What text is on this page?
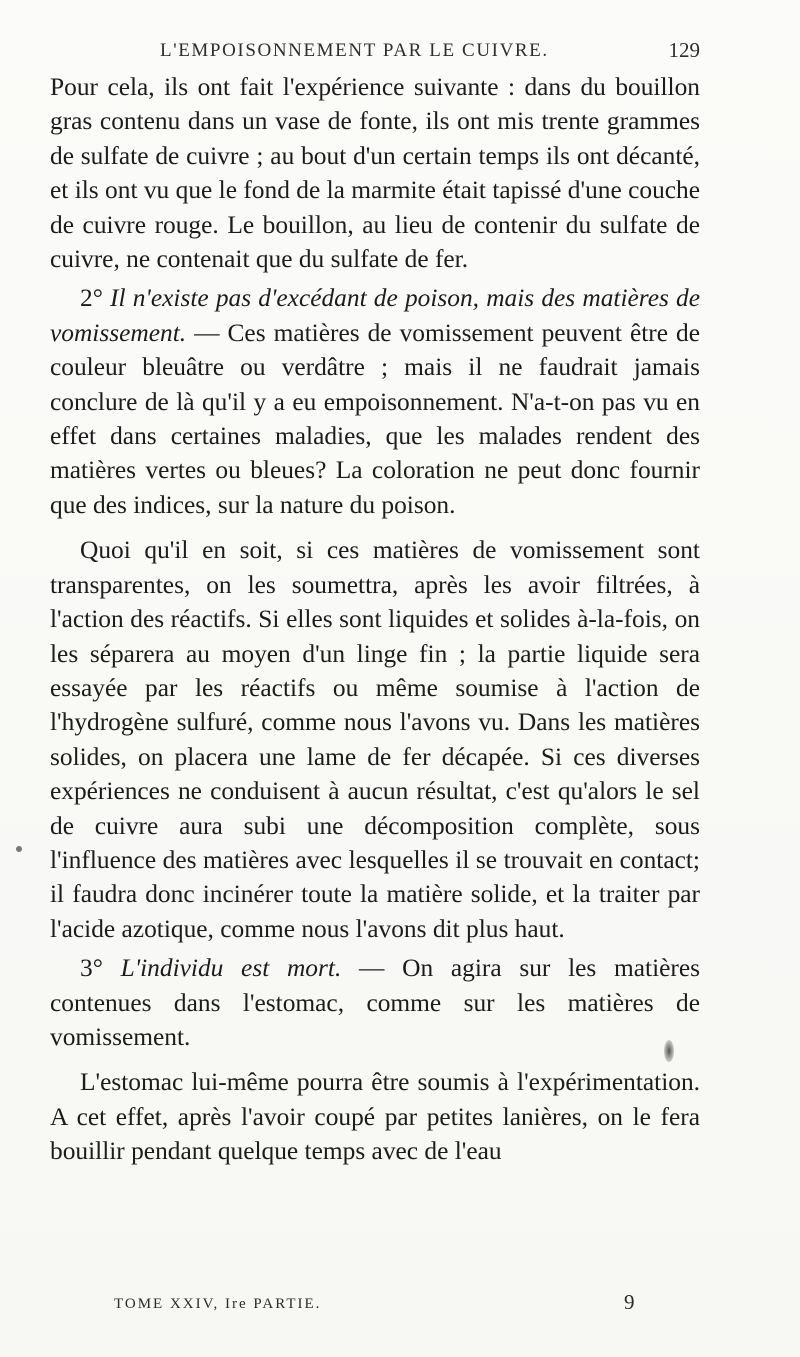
L'EMPOISONNEMENT PAR LE CUIVRE.	129

Pour cela, ils ont fait l'expérience suivante : dans du bouillon gras contenu dans un vase de fonte, ils ont mis trente grammes de sulfate de cuivre ; au bout d'un certain temps ils ont décanté, et ils ont vu que le fond de la marmite était tapissé d'une couche de cuivre rouge. Le bouillon, au lieu de contenir du sulfate de cuivre, ne contenait que du sulfate de fer.

2° Il n'existe pas d'excédant de poison, mais des matières de vomissement. — Ces matières de vomissement peuvent être de couleur bleuâtre ou verdâtre ; mais il ne faudrait jamais conclure de là qu'il y a eu empoisonnement. N'a-t-on pas vu en effet dans certaines maladies, que les malades rendent des matières vertes ou bleues? La coloration ne peut donc fournir que des indices, sur la nature du poison.

Quoi qu'il en soit, si ces matières de vomissement sont transparentes, on les soumettra, après les avoir filtrées, à l'action des réactifs. Si elles sont liquides et solides à-la-fois, on les séparera au moyen d'un linge fin ; la partie liquide sera essayée par les réactifs ou même soumise à l'action de l'hydrogène sulfuré, comme nous l'avons vu. Dans les matières solides, on placera une lame de fer décapée. Si ces diverses expériences ne conduisent à aucun résultat, c'est qu'alors le sel de cuivre aura subi une décomposition complète, sous l'influence des matières avec lesquelles il se trouvait en contact; il faudra donc incinérer toute la matière solide, et la traiter par l'acide azotique, comme nous l'avons dit plus haut.

3° L'individu est mort. — On agira sur les matières contenues dans l'estomac, comme sur les matières de vomissement.

L'estomac lui-même pourra être soumis à l'expérimentation. A cet effet, après l'avoir coupé par petites lanières, on le fera bouillir pendant quelque temps avec de l'eau

TOME XXIV, Ire PARTIE.	9
